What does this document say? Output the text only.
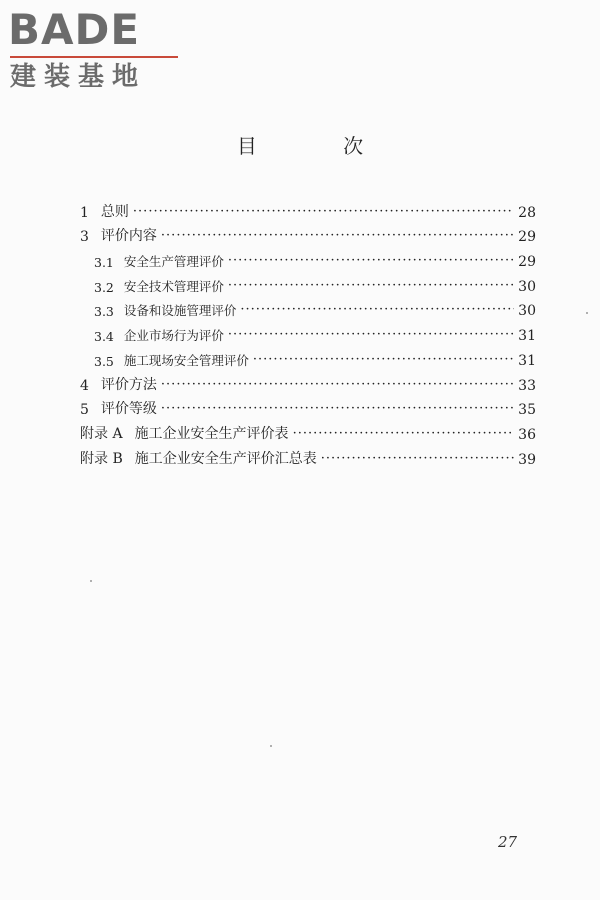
BADE
建装基地
目 次
1 总则 ·····	28
3 评价内容 ·····	29
3.1 安全生产管理评价 ·····	29
3.2 安全技术管理评价 ·····	30
3.3 设备和设施管理评价 ·····	30
3.4 企业市场行为评价 ·····	31
3.5 施工现场安全管理评价 ·····	31
4 评价方法 ·····	33
5 评价等级 ·····	35
附录 A 施工企业安全生产评价表 ·····	36
附录 B 施工企业安全生产评价汇总表 ·····	39
27
